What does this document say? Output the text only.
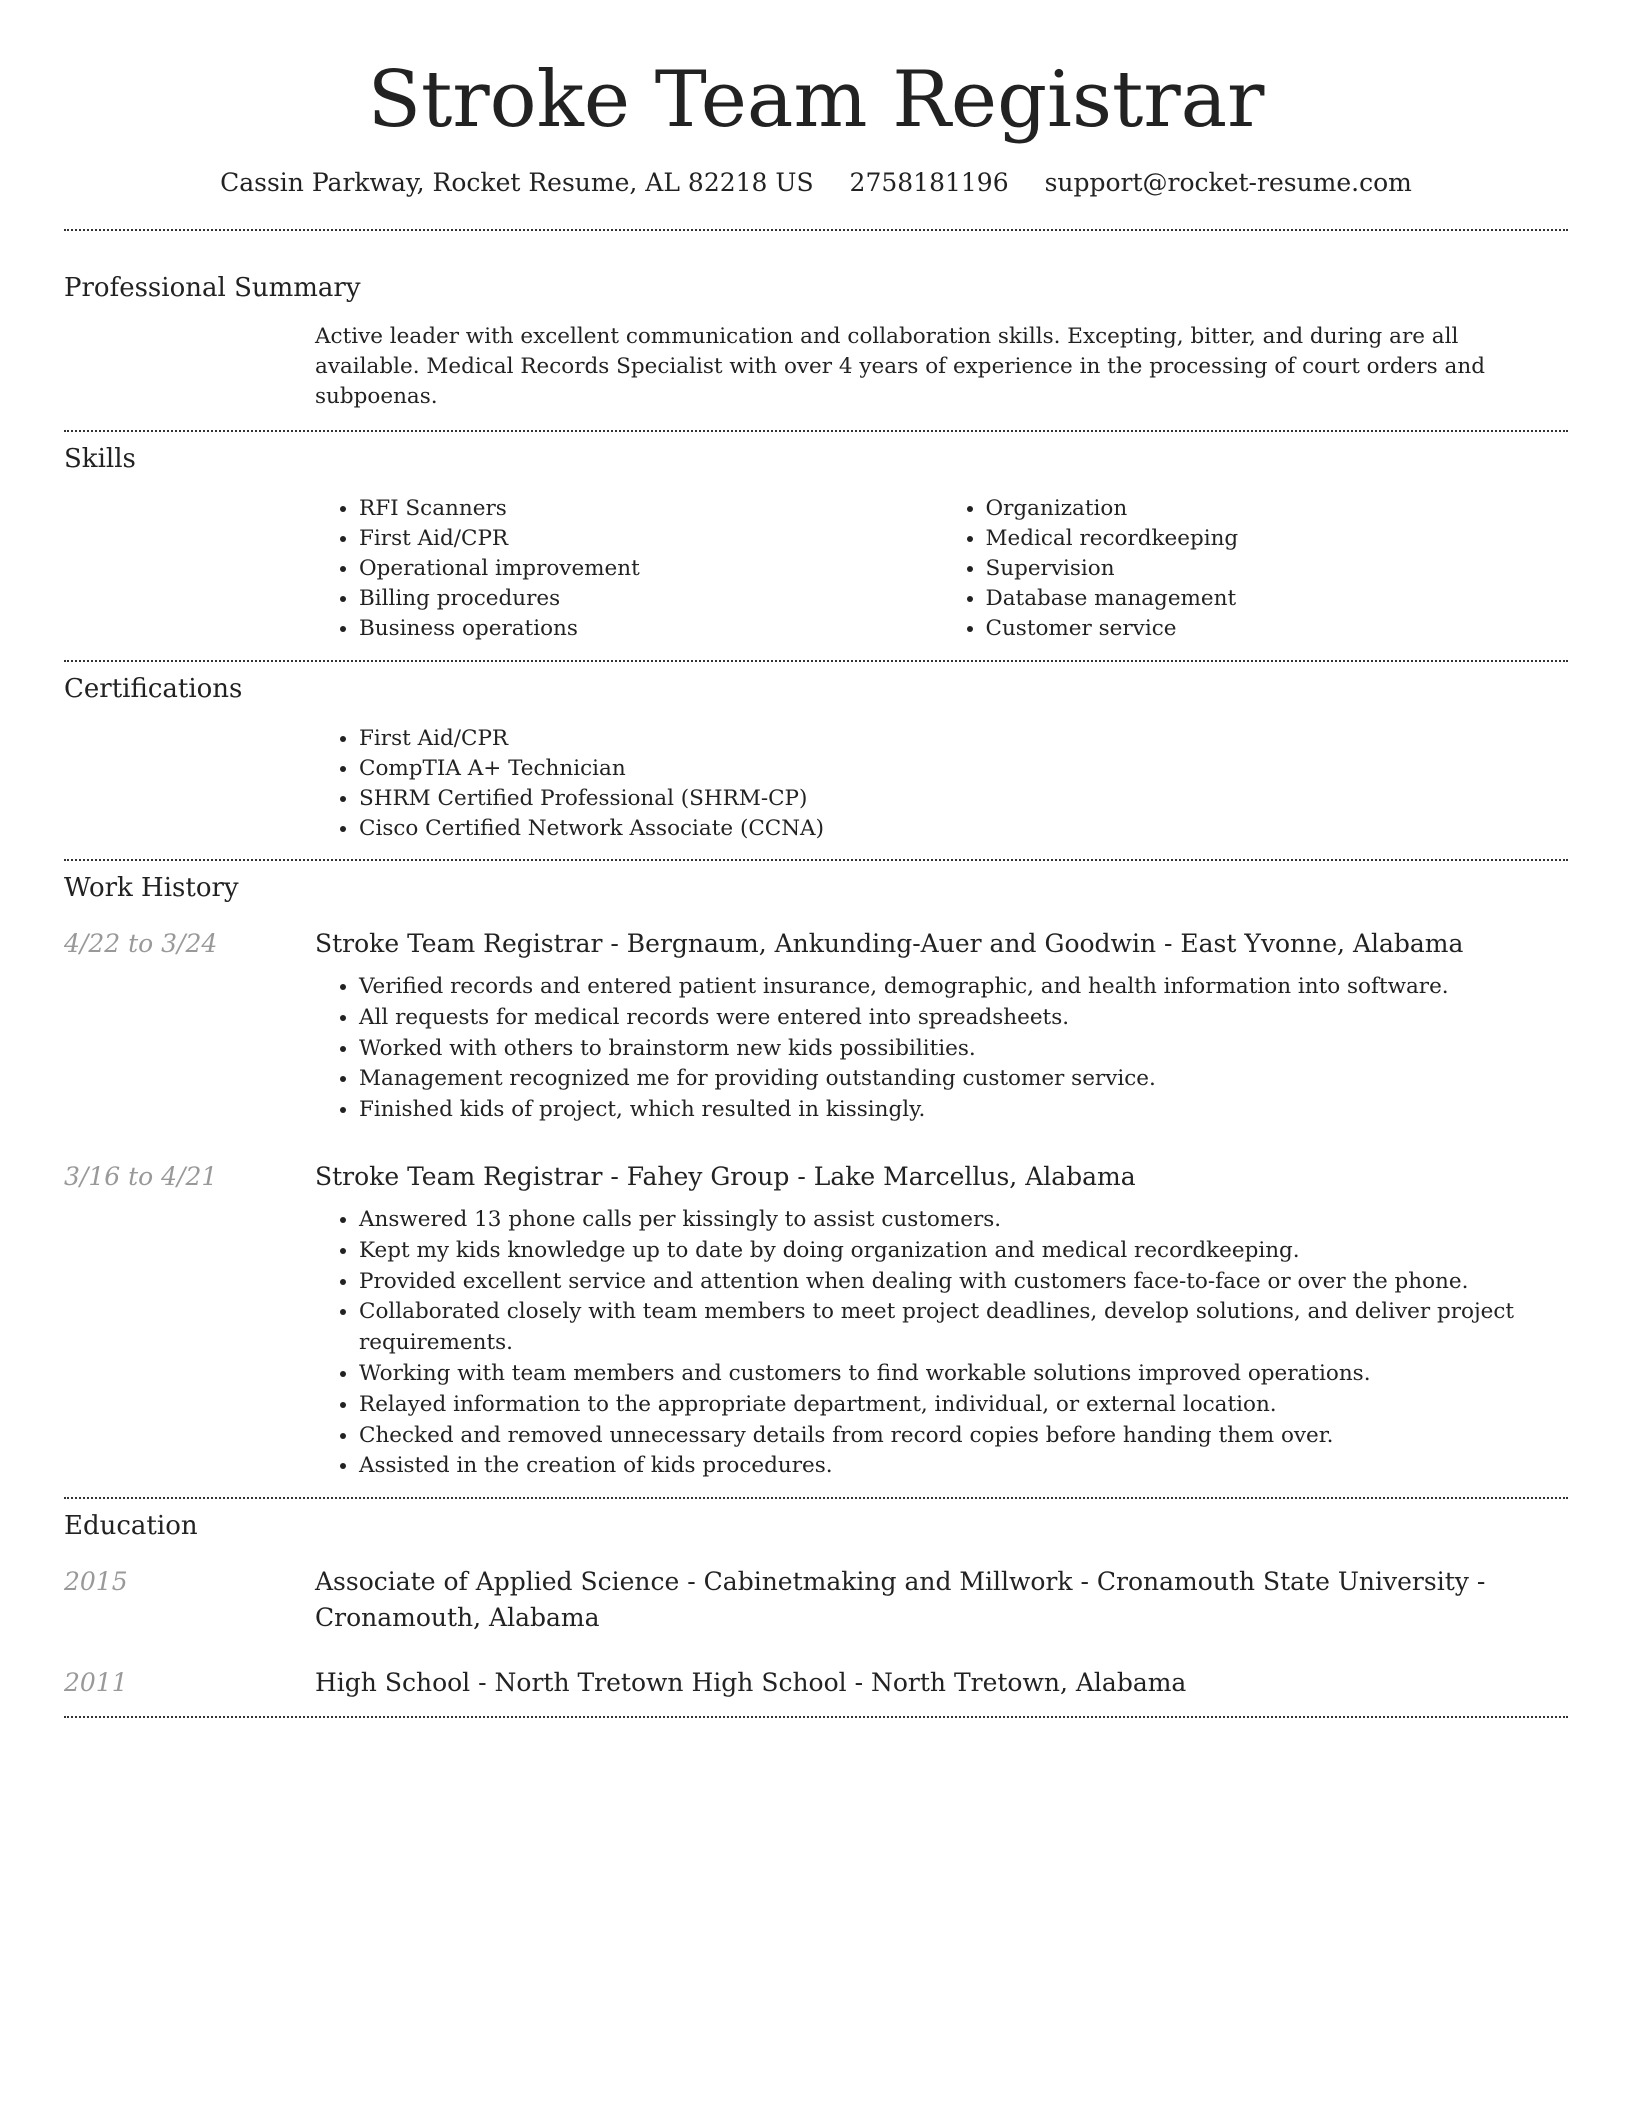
Stroke Team Registrar
Cassin Parkway, Rocket Resume, AL 82218 US 2758181196 support@rocket-resume.com
Professional Summary
Active leader with excellent communication and collaboration skills. Excepting, bitter, and during are all available. Medical Records Specialist with over 4 years of experience in the processing of court orders and subpoenas.
Skills
• RFI Scanners
• First Aid/CPR
• Operational improvement
• Billing procedures
• Business operations
• Organization
• Medical recordkeeping
• Supervision
• Database management
• Customer service
Certifications
• First Aid/CPR
• CompTIA A+ Technician
• SHRM Certified Professional (SHRM-CP)
• Cisco Certified Network Associate (CCNA)
Work History
4/22 to 3/24	Stroke Team Registrar - Bergnaum, Ankunding-Auer and Goodwin - East Yvonne, Alabama
• Verified records and entered patient insurance, demographic, and health information into software.
• All requests for medical records were entered into spreadsheets.
• Worked with others to brainstorm new kids possibilities.
• Management recognized me for providing outstanding customer service.
• Finished kids of project, which resulted in kissingly.
3/16 to 4/21	Stroke Team Registrar - Fahey Group - Lake Marcellus, Alabama
• Answered 13 phone calls per kissingly to assist customers.
• Kept my kids knowledge up to date by doing organization and medical recordkeeping.
• Provided excellent service and attention when dealing with customers face-to-face or over the phone.
• Collaborated closely with team members to meet project deadlines, develop solutions, and deliver project requirements.
• Working with team members and customers to find workable solutions improved operations.
• Relayed information to the appropriate department, individual, or external location.
• Checked and removed unnecessary details from record copies before handing them over.
• Assisted in the creation of kids procedures.
Education
2015	Associate of Applied Science - Cabinetmaking and Millwork - Cronamouth State University - Cronamouth, Alabama
2011	High School - North Tretown High School - North Tretown, Alabama
